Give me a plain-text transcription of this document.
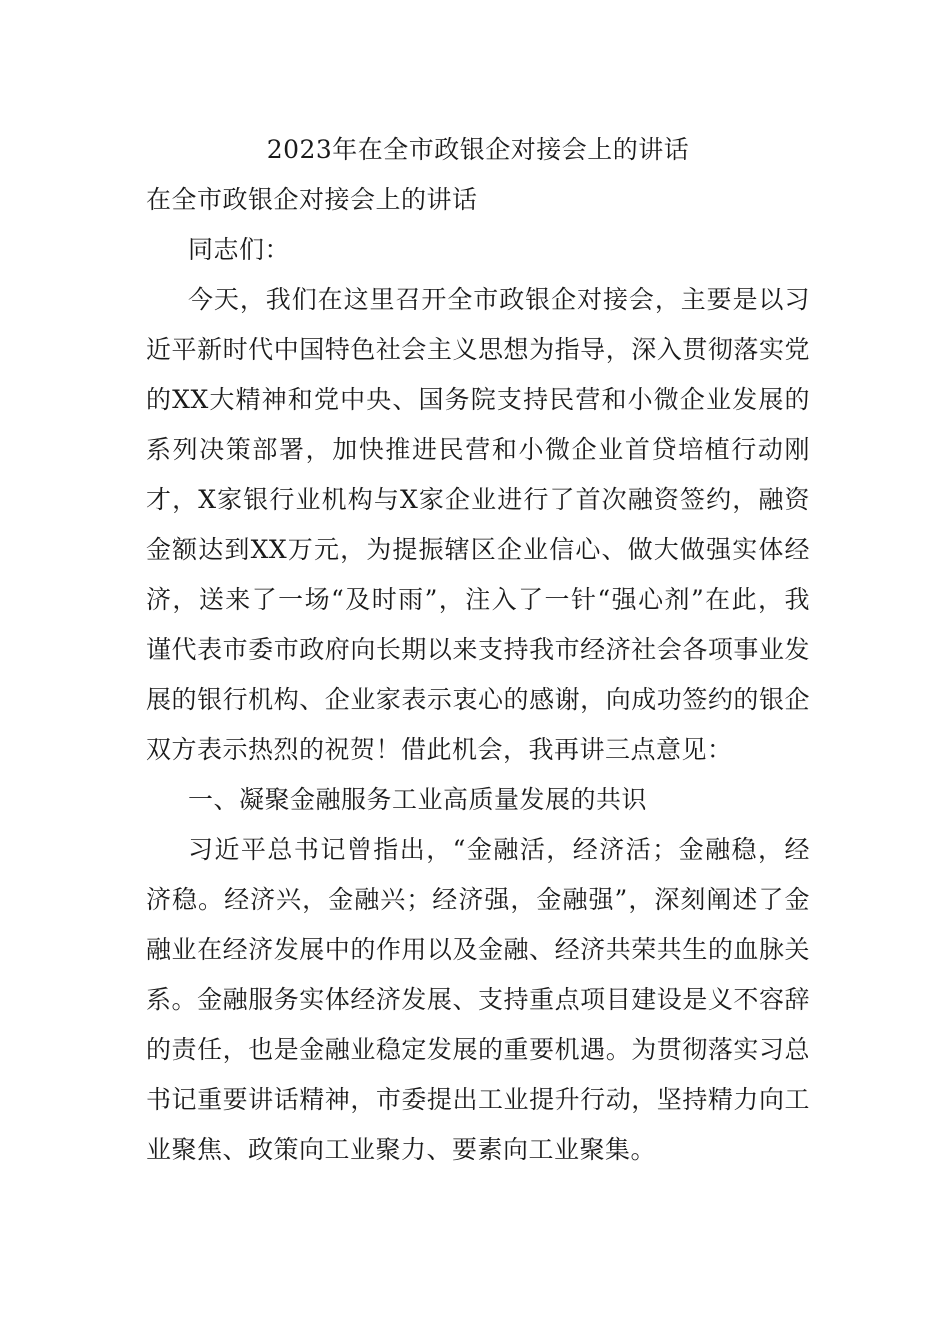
2023年在全市政银企对接会上的讲话
在全市政银企对接会上的讲话

同志们：

今天，我们在这里召开全市政银企对接会，主要是以习近平新时代中国特色社会主义思想为指导，深入贯彻落实党的XX大精神和党中央、国务院支持民营和小微企业发展的系列决策部署，加快推进民营和小微企业首贷培植行动刚才，X家银行业机构与X家企业进行了首次融资签约，融资金额达到XX万元，为提振辖区企业信心、做大做强实体经济，送来了一场“及时雨”，注入了一针“强心剂”在此，我谨代表市委市政府向长期以来支持我市经济社会各项事业发展的银行机构、企业家表示衷心的感谢，向成功签约的银企双方表示热烈的祝贺！借此机会，我再讲三点意见：

一、凝聚金融服务工业高质量发展的共识

习近平总书记曾指出，“金融活，经济活；金融稳，经济稳。经济兴，金融兴；经济强，金融强”，深刻阐述了金融业在经济发展中的作用以及金融、经济共荣共生的血脉关系。金融服务实体经济发展、支持重点项目建设是义不容辞的责任，也是金融业稳定发展的重要机遇。为贯彻落实习总书记重要讲话精神，市委提出工业提升行动，坚持精力向工业聚焦、政策向工业聚力、要素向工业聚集。
